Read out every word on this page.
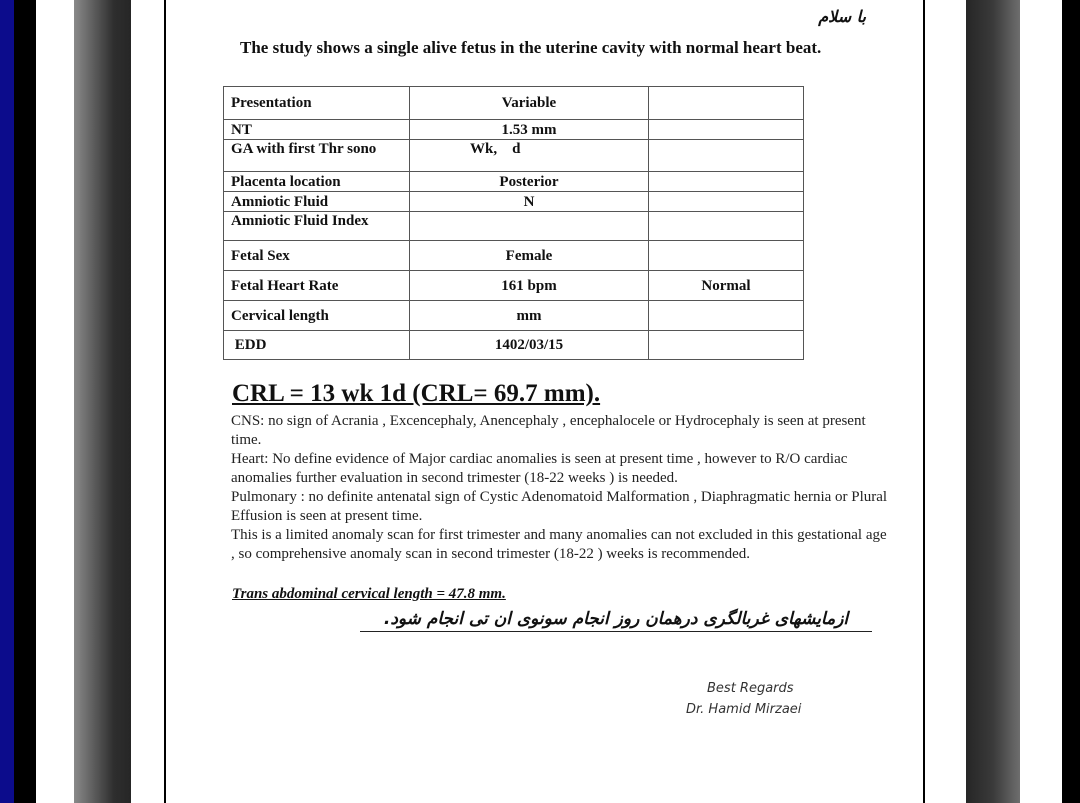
با سلام
The study shows a single alive fetus in the uterine cavity with normal heart beat.
Presentation	Variable	
NT	1.53 mm	
GA with first Thr sono	Wk,    d	
Placenta location	Posterior	
Amniotic Fluid	N	
Amniotic Fluid Index		
Fetal Sex	Female	
Fetal Heart Rate	161 bpm	Normal
Cervical length	mm	
EDD	1402/03/15	
CRL = 13 wk 1d (CRL= 69.7 mm).

CNS: no sign of Acrania , Excencephaly, Anencephaly , encephalocele or Hydrocephaly is seen at present time.

Heart: No define evidence of Major cardiac anomalies is seen at present time , however to R/O cardiac anomalies further evaluation in second trimester (18-22 weeks ) is needed.

Pulmonary : no definite antenatal sign of Cystic Adenomatoid Malformation , Diaphragmatic hernia or Plural Effusion is seen at present time.

This is a limited anomaly scan for first trimester and many anomalies can not excluded in this gestational age , so comprehensive anomaly scan in second trimester (18-22 ) weeks is recommended.

Trans abdominal cervical length = 47.8 mm.
ازمایشهای غربالگری درهمان روز انجام سونوی ان تی انجام شود.
Best Regards
Dr. Hamid Mirzaei
